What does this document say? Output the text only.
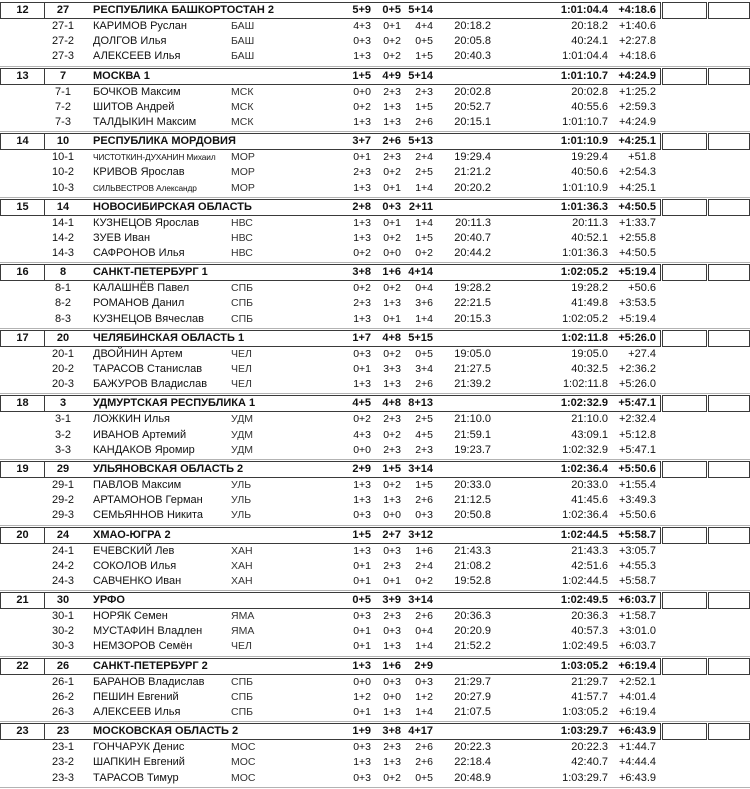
12	27	РЕСПУБЛИКА БАШКОРТОСТАН 2	5+9	0+5 5+14	1:01:04.4 +4:18.6
27-1	КАРИМОВ Руслан	БАШ	4+3	0+1	4+4	20:18.2	20:18.2 +1:40.6
27-2	ДОЛГОВ Илья	БАШ	0+3	0+2	0+5	20:05.8	40:24.1 +2:27.8
27-3	АЛЕКСЕЕВ Илья	БАШ	1+3	0+2	1+5	20:40.3	1:01:04.4 +4:18.6
13	7	МОСКВА 1	1+5	4+9 5+14	1:01:10.7 +4:24.9
7-1	БОЧКОВ Максим	МСК	0+0	2+3	2+3	20:02.8	20:02.8 +1:25.2
7-2	ШИТОВ Андрей	МСК	0+2	1+3	1+5	20:52.7	40:55.6 +2:59.3
7-3	ТАЛДЫКИН Максим	МСК	1+3	1+3	2+6	20:15.1	1:01:10.7 +4:24.9
14	10	РЕСПУБЛИКА МОРДОВИЯ	3+7	2+6 5+13	1:01:10.9 +4:25.1
10-1	ЧИСТОТКИН-ДУХАНИН Михаил	МОР	0+1	2+3	2+4	19:29.4	19:29.4	+51.8
10-2	КРИВОВ Ярослав	МОР	2+3	0+2	2+5	21:21.2	40:50.6 +2:54.3
10-3	СИЛЬВЕСТРОВ Александр	МОР	1+3	0+1	1+4	20:20.2	1:01:10.9 +4:25.1
15	14	НОВОСИБИРСКАЯ ОБЛАСТЬ	2+8	0+3 2+11	1:01:36.3 +4:50.5
14-1	КУЗНЕЦОВ Ярослав	НВС	1+3	0+1	1+4	20:11.3	20:11.3 +1:33.7
14-2	ЗУЕВ Иван	НВС	1+3	0+2	1+5	20:40.7	40:52.1 +2:55.8
14-3	САФРОНОВ Илья	НВС	0+2	0+0	0+2	20:44.2	1:01:36.3 +4:50.5
16	8	САНКТ-ПЕТЕРБУРГ 1	3+8	1+6 4+14	1:02:05.2 +5:19.4
8-1	КАЛАШНЁВ Павел	СПБ	0+2	0+2	0+4	19:28.2	19:28.2	+50.6
8-2	РОМАНОВ Данил	СПБ	2+3	1+3	3+6	22:21.5	41:49.8 +3:53.5
8-3	КУЗНЕЦОВ Вячеслав	СПБ	1+3	0+1	1+4	20:15.3	1:02:05.2 +5:19.4
17	20	ЧЕЛЯБИНСКАЯ ОБЛАСТЬ 1	1+7	4+8 5+15	1:02:11.8 +5:26.0
20-1	ДВОЙНИН Артем	ЧЕЛ	0+3	0+2	0+5	19:05.0	19:05.0	+27.4
20-2	ТАРАСОВ Станислав	ЧЕЛ	0+1	3+3	3+4	21:27.5	40:32.5 +2:36.2
20-3	БАЖУРОВ Владислав	ЧЕЛ	1+3	1+3	2+6	21:39.2	1:02:11.8 +5:26.0
18	3	УДМУРТСКАЯ РЕСПУБЛИКА 1	4+5	4+8 8+13	1:02:32.9 +5:47.1
3-1	ЛОЖКИН Илья	УДМ	0+2	2+3	2+5	21:10.0	21:10.0 +2:32.4
3-2	ИВАНОВ Артемий	УДМ	4+3	0+2	4+5	21:59.1	43:09.1 +5:12.8
3-3	КАНДАКОВ Яромир	УДМ	0+0	2+3	2+3	19:23.7	1:02:32.9 +5:47.1
19	29	УЛЬЯНОВСКАЯ ОБЛАСТЬ 2	2+9	1+5 3+14	1:02:36.4 +5:50.6
29-1	ПАВЛОВ Максим	УЛЬ	1+3	0+2	1+5	20:33.0	20:33.0 +1:55.4
29-2	АРТАМОНОВ Герман	УЛЬ	1+3	1+3	2+6	21:12.5	41:45.6 +3:49.3
29-3	СЕМЬЯННОВ Никита	УЛЬ	0+3	0+0	0+3	20:50.8	1:02:36.4 +5:50.6
20	24	ХМАО-ЮГРА 2	1+5	2+7 3+12	1:02:44.5 +5:58.7
24-1	ЕЧЕВСКИЙ Лев	ХАН	1+3	0+3	1+6	21:43.3	21:43.3 +3:05.7
24-2	СОКОЛОВ Илья	ХАН	0+1	2+3	2+4	21:08.2	42:51.6 +4:55.3
24-3	САВЧЕНКО Иван	ХАН	0+1	0+1	0+2	19:52.8	1:02:44.5 +5:58.7
21	30	УРФО	0+5	3+9 3+14	1:02:49.5 +6:03.7
30-1	НОРЯК Семен	ЯМА	0+3	2+3	2+6	20:36.3	20:36.3 +1:58.7
30-2	МУСТАФИН Владлен	ЯМА	0+1	0+3	0+4	20:20.9	40:57.3 +3:01.0
30-3	НЕМЗОРОВ Семён	ЧЕЛ	0+1	1+3	1+4	21:52.2	1:02:49.5 +6:03.7
22	26	САНКТ-ПЕТЕРБУРГ 2	1+3	1+6	2+9	1:03:05.2 +6:19.4
26-1	БАРАНОВ Владислав	СПБ	0+0	0+3	0+3	21:29.7	21:29.7 +2:52.1
26-2	ПЕШИН Евгений	СПБ	1+2	0+0	1+2	20:27.9	41:57.7 +4:01.4
26-3	АЛЕКСЕЕВ Илья	СПБ	0+1	1+3	1+4	21:07.5	1:03:05.2 +6:19.4
23	23	МОСКОВСКАЯ ОБЛАСТЬ 2	1+9	3+8 4+17	1:03:29.7 +6:43.9
23-1	ГОНЧАРУК Денис	МОС	0+3	2+3	2+6	20:22.3	20:22.3 +1:44.7
23-2	ШАПКИН Евгений	МОС	1+3	1+3	2+6	22:18.4	42:40.7 +4:44.4
23-3	ТАРАСОВ Тимур	МОС	0+3	0+2	0+5	20:48.9	1:03:29.7 +6:43.9
